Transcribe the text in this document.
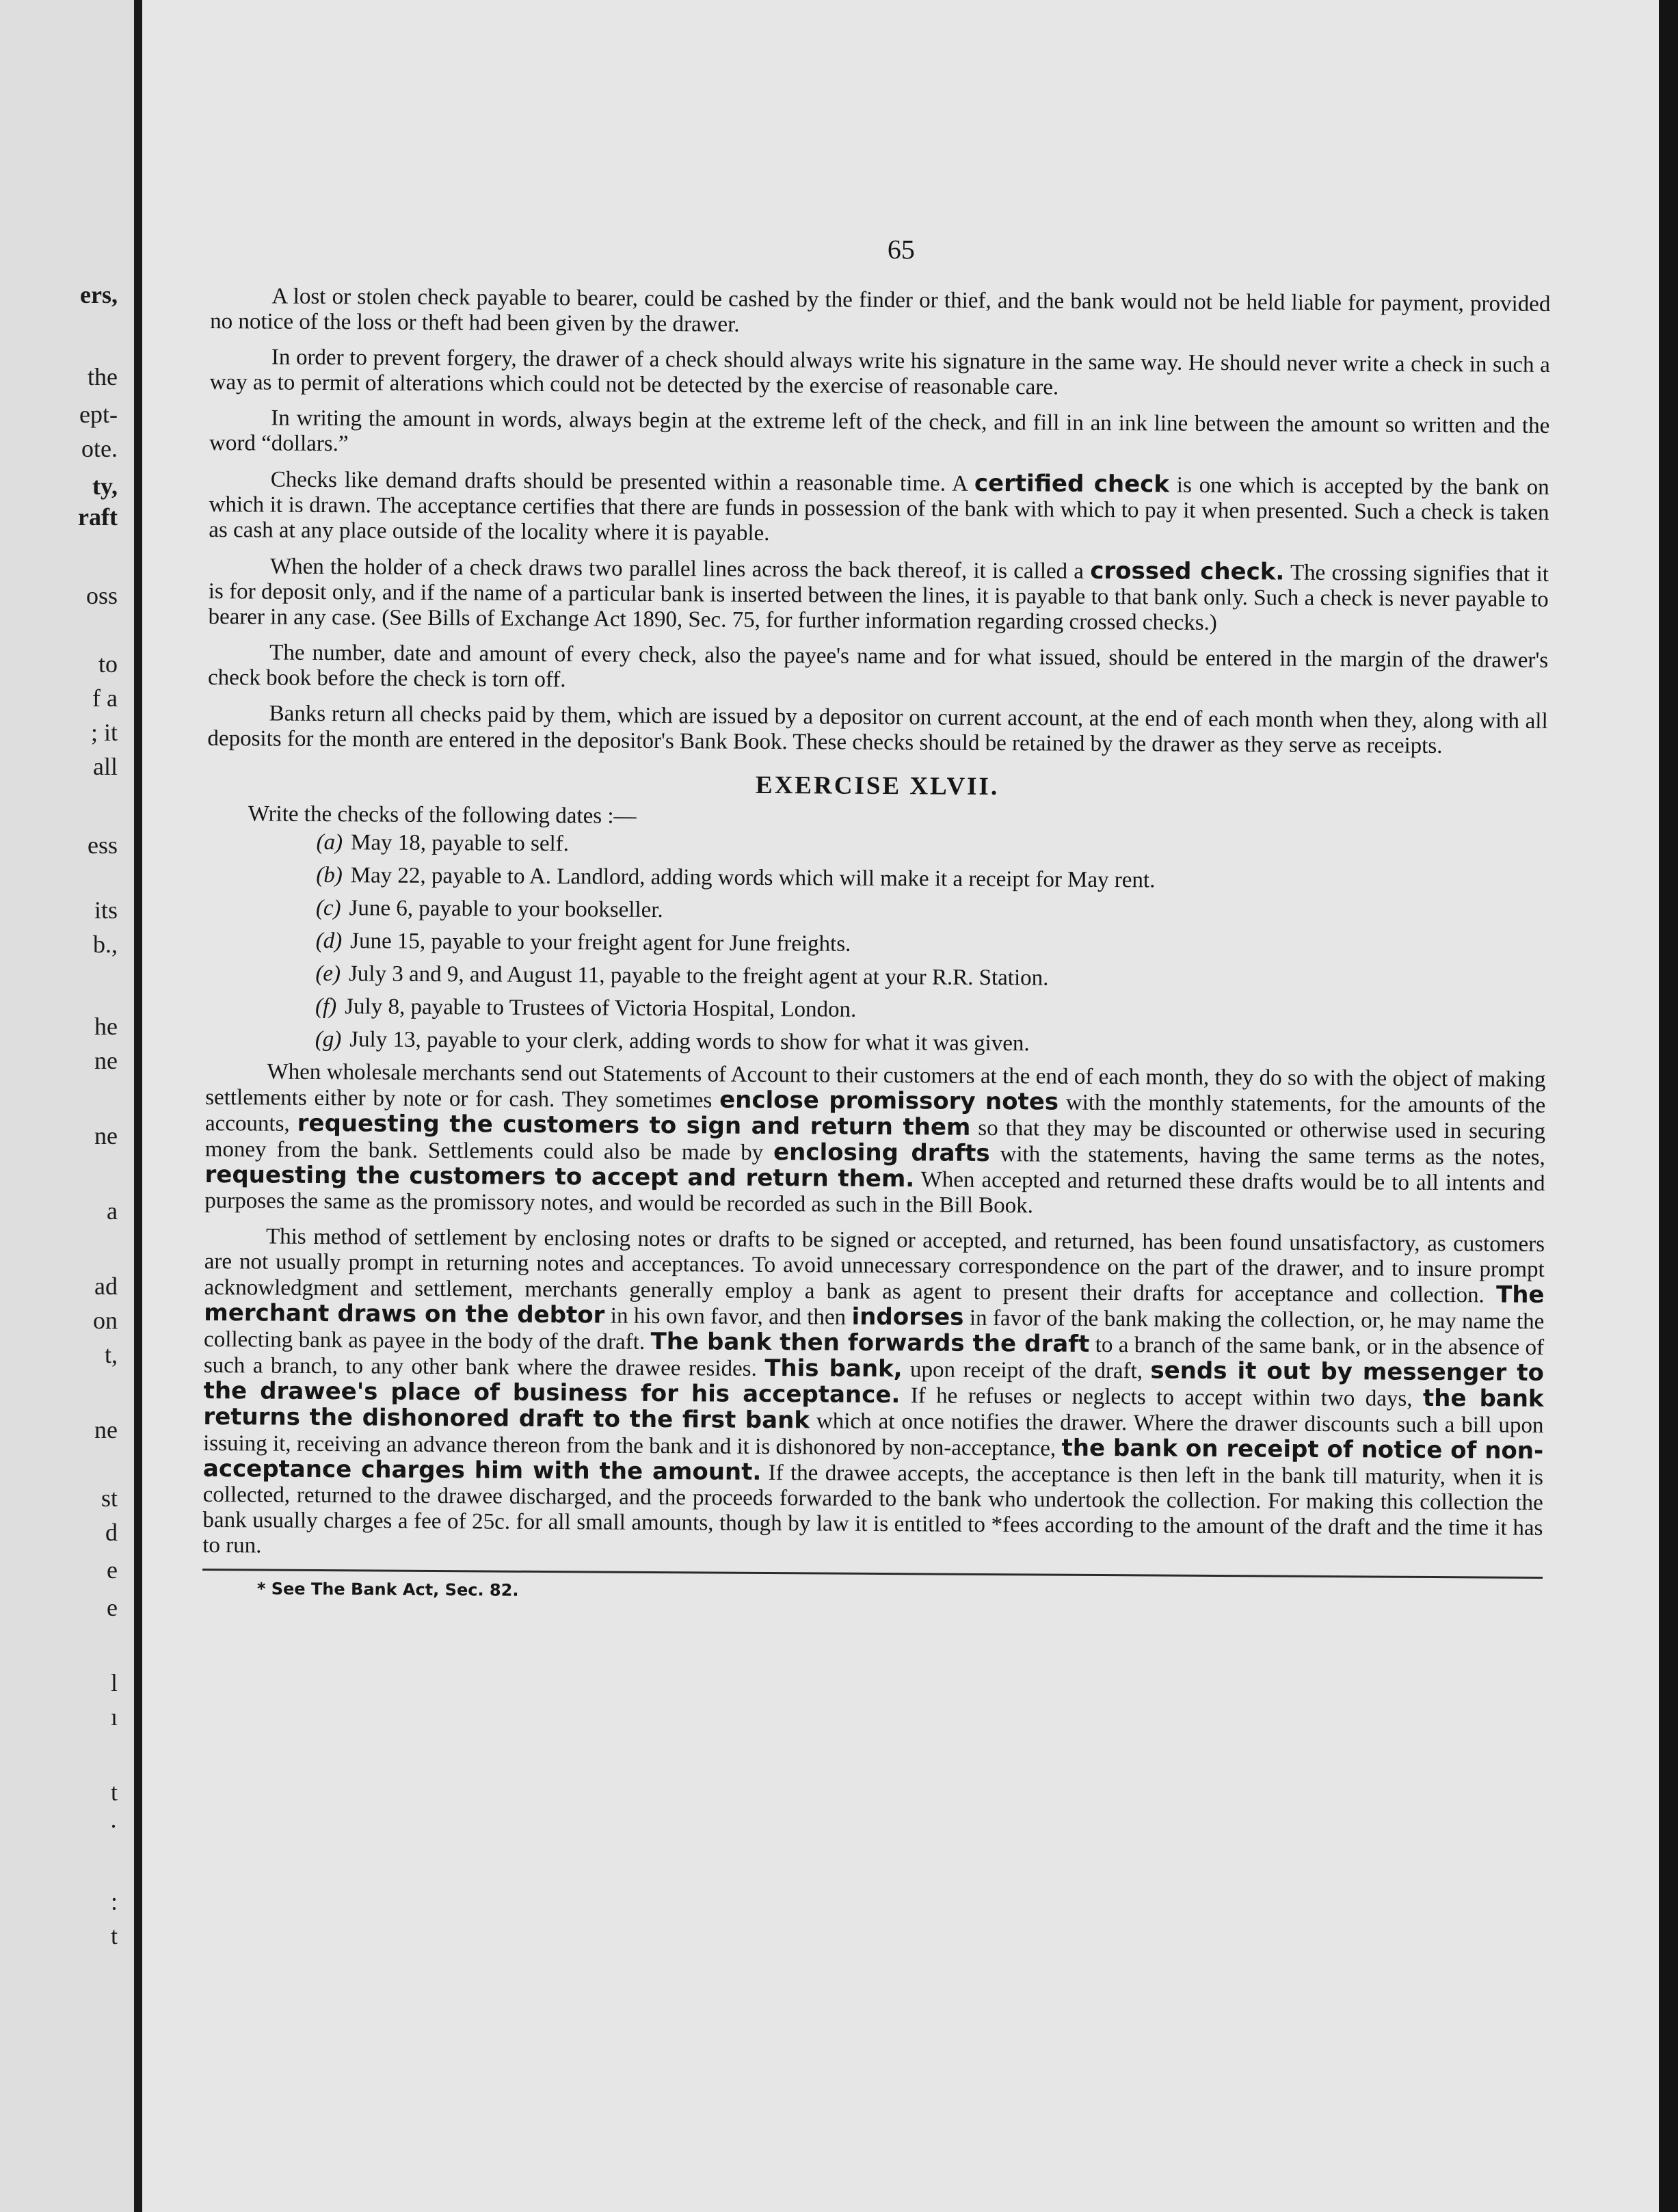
ers,
the
ept-
ote.
ty,
raft
oss
to
f a
; it
all
ess
its
b.,
he
ne
ne
a
ad
on
t,
ne
st
d
e
e
l
ı
t
·
:
t
65

A lost or stolen check payable to bearer, could be cashed by the finder or thief, and the bank would not be held liable for payment, provided no notice of the loss or theft had been given by the drawer.

In order to prevent forgery, the drawer of a check should always write his signature in the same way. He should never write a check in such a way as to permit of alterations which could not be detected by the exercise of reasonable care.

In writing the amount in words, always begin at the extreme left of the check, and fill in an ink line between the amount so written and the word “dollars.”

Checks like demand drafts should be presented within a reasonable time. A certified check is one which is accepted by the bank on which it is drawn. The acceptance certifies that there are funds in possession of the bank with which to pay it when presented. Such a check is taken as cash at any place outside of the locality where it is payable.

When the holder of a check draws two parallel lines across the back thereof, it is called a crossed check. The crossing signifies that it is for deposit only, and if the name of a particular bank is inserted between the lines, it is payable to that bank only. Such a check is never payable to bearer in any case. (See Bills of Exchange Act 1890, Sec. 75, for further information regarding crossed checks.)

The number, date and amount of every check, also the payee's name and for what issued, should be entered in the margin of the drawer's check book before the check is torn off.

Banks return all checks paid by them, which are issued by a depositor on current account, at the end of each month when they, along with all deposits for the month are entered in the depositor's Bank Book. These checks should be retained by the drawer as they serve as receipts.

EXERCISE XLVII.

Write the checks of the following dates :—

(a) May 18, payable to self.
(b) May 22, payable to A. Landlord, adding words which will make it a receipt for May rent.
(c) June 6, payable to your bookseller.
(d) June 15, payable to your freight agent for June freights.
(e) July 3 and 9, and August 11, payable to the freight agent at your R.R. Station.
(f) July 8, payable to Trustees of Victoria Hospital, London.
(g) July 13, payable to your clerk, adding words to show for what it was given.

When wholesale merchants send out Statements of Account to their customers at the end of each month, they do so with the object of making settlements either by note or for cash. They sometimes enclose promissory notes with the monthly statements, for the amounts of the accounts, requesting the customers to sign and return them so that they may be discounted or otherwise used in securing money from the bank. Settlements could also be made by enclosing drafts with the statements, having the same terms as the notes, requesting the customers to accept and return them. When accepted and returned these drafts would be to all intents and purposes the same as the promissory notes, and would be recorded as such in the Bill Book.

This method of settlement by enclosing notes or drafts to be signed or accepted, and returned, has been found unsatisfactory, as customers are not usually prompt in returning notes and acceptances. To avoid unnecessary correspondence on the part of the drawer, and to insure prompt acknowledgment and settlement, merchants generally employ a bank as agent to present their drafts for acceptance and collection. The merchant draws on the debtor in his own favor, and then indorses in favor of the bank making the collection, or, he may name the collecting bank as payee in the body of the draft. The bank then forwards the draft to a branch of the same bank, or in the absence of such a branch, to any other bank where the drawee resides. This bank, upon receipt of the draft, sends it out by messenger to the drawee's place of business for his acceptance. If he refuses or neglects to accept within two days, the bank returns the dishonored draft to the first bank which at once notifies the drawer. Where the drawer discounts such a bill upon issuing it, receiving an advance thereon from the bank and it is dishonored by non-acceptance, the bank on receipt of notice of non-acceptance charges him with the amount. If the drawee accepts, the acceptance is then left in the bank till maturity, when it is collected, returned to the drawee discharged, and the proceeds forwarded to the bank who undertook the collection. For making this collection the bank usually charges a fee of 25c. for all small amounts, though by law it is entitled to *fees according to the amount of the draft and the time it has to run.

* See The Bank Act, Sec. 82.
